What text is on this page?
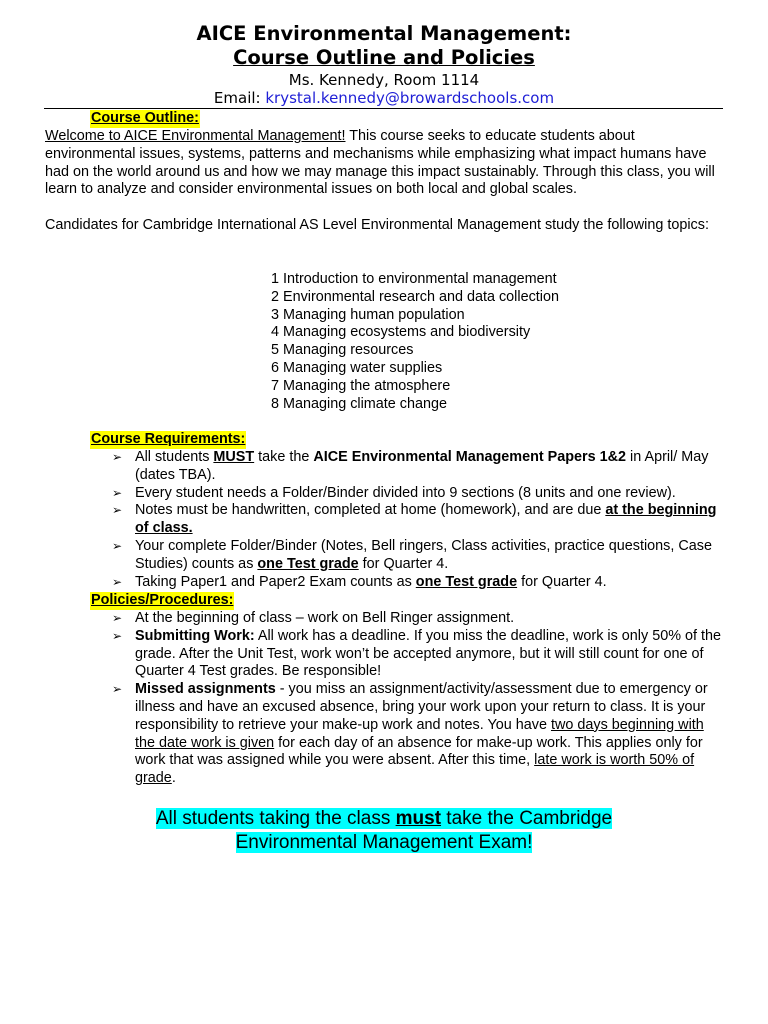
AICE Environmental Management:
Course Outline and Policies
Ms. Kennedy, Room 1114
Email: krystal.kennedy@browardschools.com
Course Outline:
Welcome to AICE Environmental Management! This course seeks to educate students about environmental issues, systems, patterns and mechanisms while emphasizing what impact humans have had on the world around us and how we may manage this impact sustainably. Through this class, you will learn to analyze and consider environmental issues on both local and global scales.
Candidates for Cambridge International AS Level Environmental Management study the following topics:
1 Introduction to environmental management
2 Environmental research and data collection
3 Managing human population
4 Managing ecosystems and biodiversity
5 Managing resources
6 Managing water supplies
7 Managing the atmosphere
8 Managing climate change
Course Requirements:
➢ All students MUST take the AICE Environmental Management Papers 1&2 in April/ May (dates TBA).
➢ Every student needs a Folder/Binder divided into 9 sections (8 units and one review).
➢ Notes must be handwritten, completed at home (homework), and are due at the beginning of class.
➢ Your complete Folder/Binder (Notes, Bell ringers, Class activities, practice questions, Case Studies) counts as one Test grade for Quarter 4.
➢ Taking Paper1 and Paper2 Exam counts as one Test grade for Quarter 4.
Policies/Procedures:
➢ At the beginning of class – work on Bell Ringer assignment.
➢ Submitting Work: All work has a deadline. If you miss the deadline, work is only 50% of the grade. After the Unit Test, work won’t be accepted anymore, but it will still count for one of Quarter 4 Test grades. Be responsible!
➢ Missed assignments - you miss an assignment/activity/assessment due to emergency or illness and have an excused absence, bring your work upon your return to class. It is your responsibility to retrieve your make-up work and notes. You have two days beginning with the date work is given for each day of an absence for make-up work. This applies only for work that was assigned while you were absent. After this time, late work is worth 50% of grade.
All students taking the class must take the Cambridge
Environmental Management Exam!
